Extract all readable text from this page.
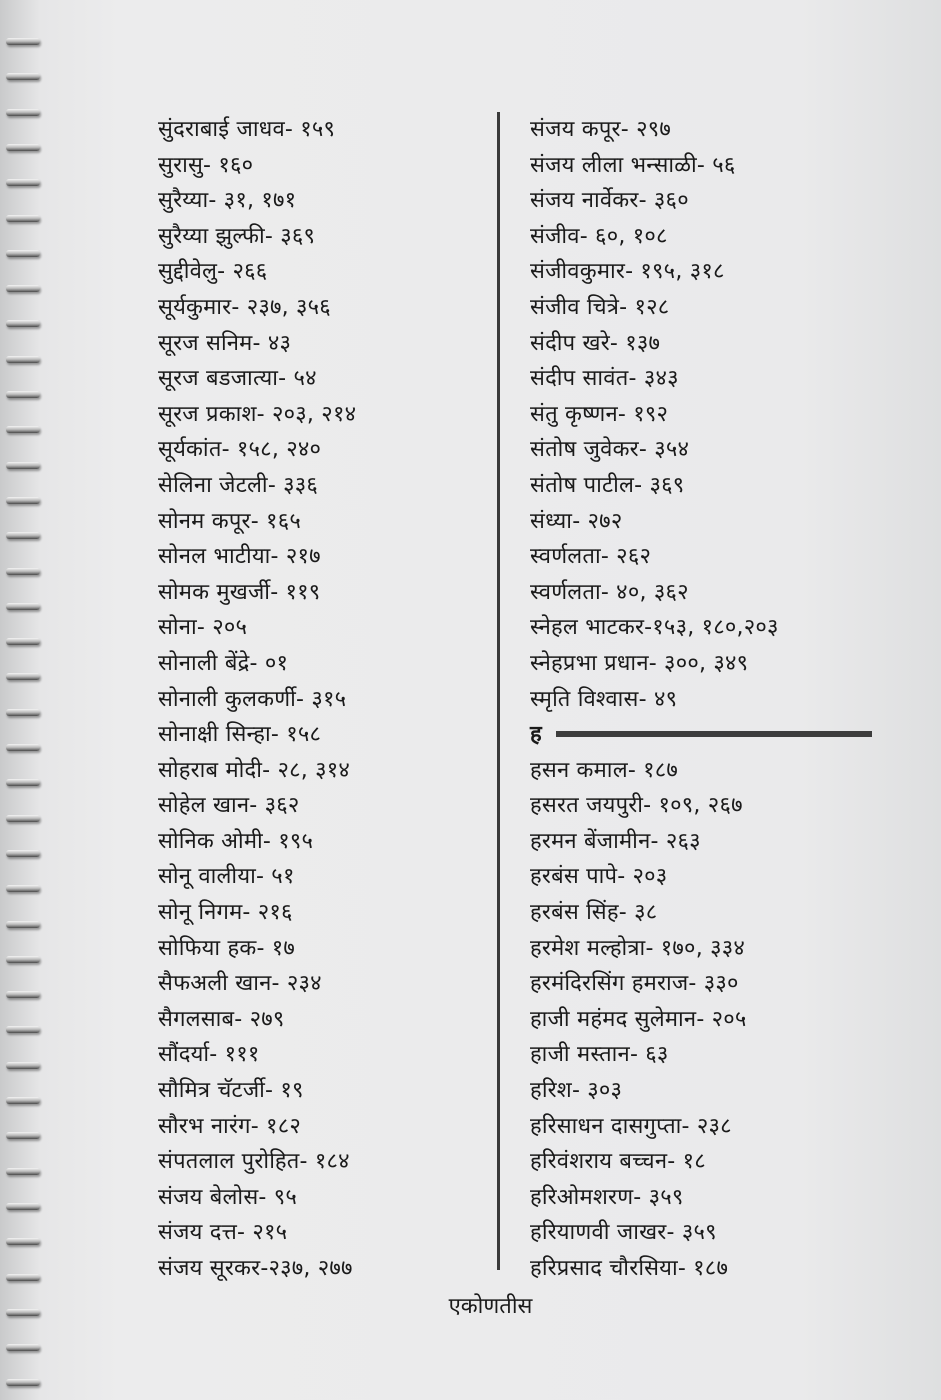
सुंदराबाई जाधव- १५९
सुरासु- १६०
सुरैय्या- ३१, १७१
सुरैय्या झुल्फी- ३६९
सुद्दीवेलु- २६६
सूर्यकुमार- २३७, ३५६
सूरज सनिम- ४३
सूरज बडजात्या- ५४
सूरज प्रकाश- २०३, २१४
सूर्यकांत- १५८, २४०
सेलिना जेटली- ३३६
सोनम कपूर- १६५
सोनल भाटीया- २१७
सोमक मुखर्जी- ११९
सोना- २०५
सोनाली बेंद्रे- ०१
सोनाली कुलकर्णी- ३१५
सोनाक्षी सिन्हा- १५८
सोहराब मोदी- २८, ३१४
सोहेल खान- ३६२
सोनिक ओमी- १९५
सोनू वालीया- ५१
सोनू निगम- २१६
सोफिया हक- १७
सैफअली खान- २३४
सैगलसाब- २७९
सौंदर्या- १११
सौमित्र चॅटर्जी- १९
सौरभ नारंग- १८२
संपतलाल पुरोहित- १८४
संजय बेलोस- ९५
संजय दत्त- २१५
संजय सूरकर-२३७, २७७
संजय कपूर- २९७
संजय लीला भन्साळी- ५६
संजय नार्वेकर- ३६०
संजीव- ६०, १०८
संजीवकुमार- १९५, ३१८
संजीव चित्रे- १२८
संदीप खरे- १३७
संदीप सावंत- ३४३
संतु कृष्णन- १९२
संतोष जुवेकर- ३५४
संतोष पाटील- ३६९
संध्या- २७२
स्वर्णलता- २६२
स्वर्णलता- ४०, ३६२
स्नेहल भाटकर-१५३, १८०,२०३
स्नेहप्रभा प्रधान- ३००, ३४९
स्मृति विश्वास- ४९
ह
हसन कमाल- १८७
हसरत जयपुरी- १०९, २६७
हरमन बेंजामीन- २६३
हरबंस पापे- २०३
हरबंस सिंह- ३८
हरमेश मल्होत्रा- १७०, ३३४
हरमंदिरसिंग हमराज- ३३०
हाजी महंमद सुलेमान- २०५
हाजी मस्तान- ६३
हरिश- ३०३
हरिसाधन दासगुप्ता- २३८
हरिवंशराय बच्चन- १८
हरिओमशरण- ३५९
हरियाणवी जाखर- ३५९
हरिप्रसाद चौरसिया- १८७
एकोणतीस
